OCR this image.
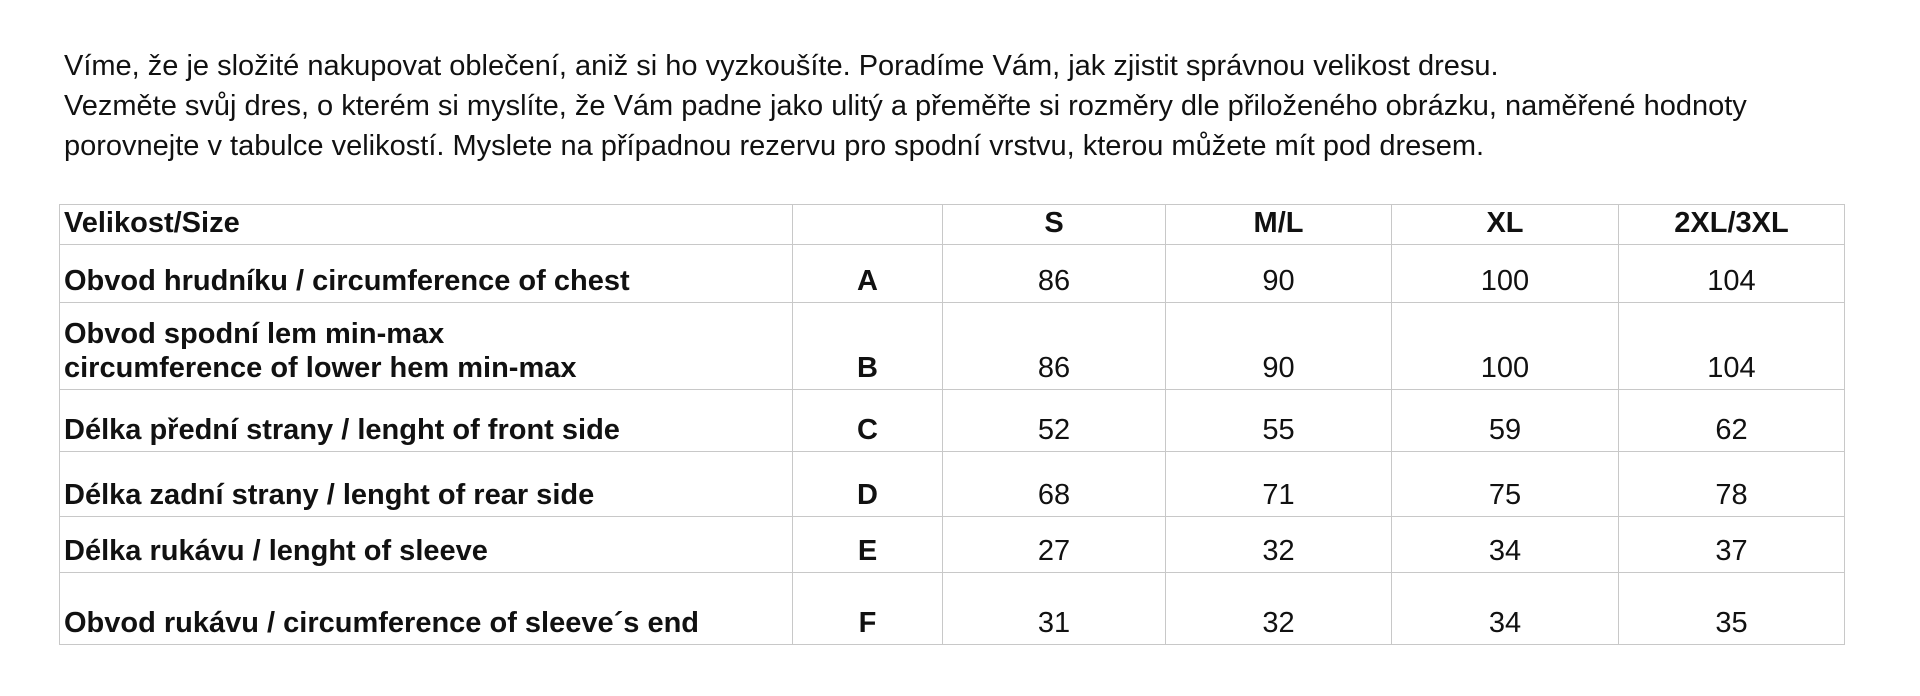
Víme, že je složité nakupovat oblečení, aniž si ho vyzkoušíte. Poradíme Vám, jak zjistit správnou velikost dresu.

Vezměte svůj dres, o kterém si myslíte, že Vám padne jako ulitý a přeměřte si rozměry dle přiloženého obrázku, naměřené hodnoty

porovnejte v tabulce velikostí. Myslete na případnou rezervu pro spodní vrstvu, kterou můžete mít pod dresem.

Velikost/Size		S	M/L	XL	2XL/3XL
Obvod hrudníku / circumference of chest	A	86	90	100	104

Obvod spodní lem min-max
circumference of lower hem min-max	B	86	90	100	104
Délka přední strany / lenght of front side	C	52	55	59	62
Délka zadní strany / lenght of rear side	D	68	71	75	78
Délka rukávu / lenght of sleeve	E	27	32	34	37
Obvod rukávu / circumference of sleeve´s end	F	31	32	34	35
